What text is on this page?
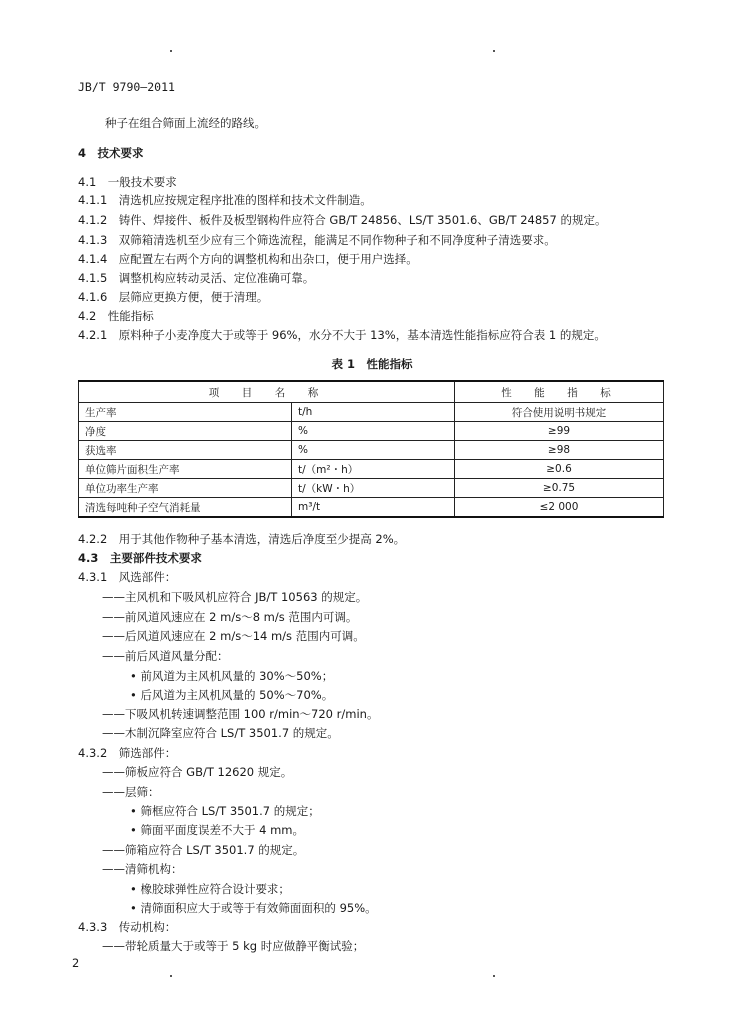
JB/T 9790—2011
种子在组合筛面上流经的路线。
4　技术要求
4.1　一般技术要求
4.1.1　清选机应按规定程序批准的图样和技术文件制造。
4.1.2　铸件、焊接件、板件及板型钢构件应符合 GB/T 24856、LS/T 3501.6、GB/T 24857 的规定。
4.1.3　双筛箱清选机至少应有三个筛选流程，能满足不同作物种子和不同净度种子清选要求。
4.1.4　应配置左右两个方向的调整机构和出杂口，便于用户选择。
4.1.5　调整机构应转动灵活、定位准确可靠。
4.1.6　层筛应更换方便，便于清理。
4.2　性能指标
4.2.1　原料种子小麦净度大于或等于 96%，水分不大于 13%，基本清选性能指标应符合表 1 的规定。
表 1　性能指标
项　目　名　称		性　能　指　标
生产率	t/h	符合使用说明书规定
净度	%	≥99
获选率	%	≥98
单位筛片面积生产率	t/（m²・h）	≥0.6
单位功率生产率	t/（kW・h）	≥0.75
清选每吨种子空气消耗量	m³/t	≤2 000
4.2.2　用于其他作物种子基本清选，清选后净度至少提高 2%。
4.3　主要部件技术要求
4.3.1　风选部件：
——主风机和下吸风机应符合 JB/T 10563 的规定。
——前风道风速应在 2 m/s～8 m/s 范围内可调。
——后风道风速应在 2 m/s～14 m/s 范围内可调。
——前后风道风量分配：
• 前风道为主风机风量的 30%～50%；
• 后风道为主风机风量的 50%～70%。
——下吸风机转速调整范围 100 r/min～720 r/min。
——木制沉降室应符合 LS/T 3501.7 的规定。
4.3.2　筛选部件：
——筛板应符合 GB/T 12620 规定。
——层筛：
• 筛框应符合 LS/T 3501.7 的规定；
• 筛面平面度误差不大于 4 mm。
——筛箱应符合 LS/T 3501.7 的规定。
——清筛机构：
• 橡胶球弹性应符合设计要求；
• 清筛面积应大于或等于有效筛面面积的 95%。
4.3.3　传动机构：
——带轮质量大于或等于 5 kg 时应做静平衡试验；
2
